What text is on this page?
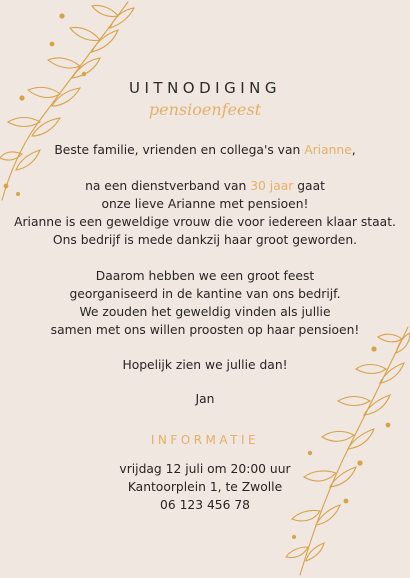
UITNODIGING

pensioenfeest

Beste familie, vrienden en collega's van Arianne,

na een dienstverband van 30 jaar gaat

onze lieve Arianne met pensioen!

Arianne is een geweldige vrouw die voor iedereen klaar staat.

Ons bedrijf is mede dankzij haar groot geworden.

Daarom hebben we een groot feest

georganiseerd in de kantine van ons bedrijf.

We zouden het geweldig vinden als jullie

samen met ons willen proosten op haar pensioen!

Hopelijk zien we jullie dan!

Jan

INFORMATIE

vrijdag 12 juli om 20:00 uur

Kantoorplein 1, te Zwolle

06 123 456 78
